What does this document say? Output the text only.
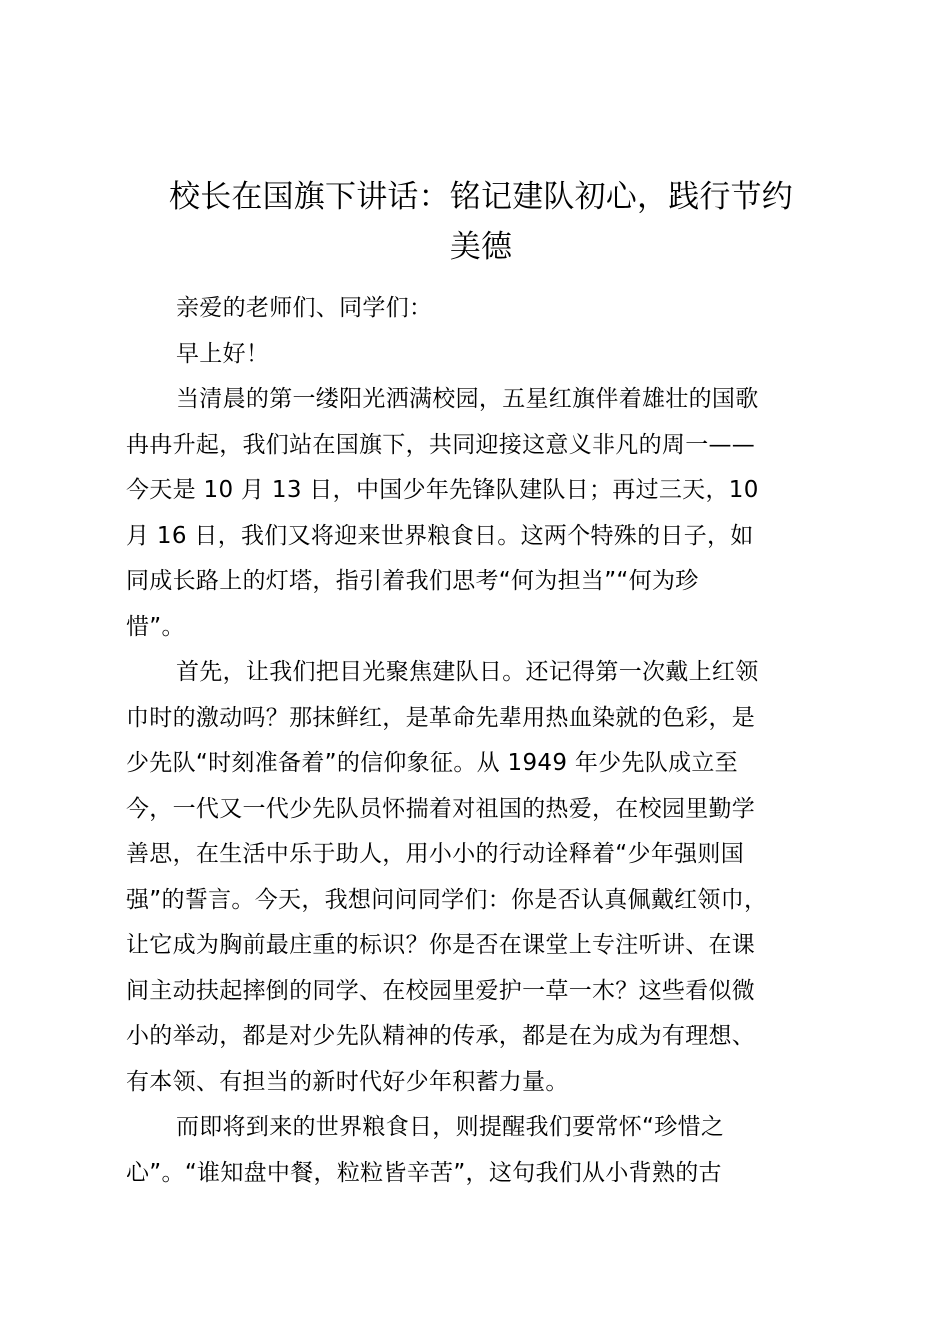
校长在国旗下讲话：铭记建队初心，践行节约
美德

亲爱的老师们、同学们：

早上好！

当清晨的第一缕阳光洒满校园，五星红旗伴着雄壮的国歌
冉冉升起，我们站在国旗下，共同迎接这意义非凡的周一——
今天是 10 月 13 日，中国少年先锋队建队日；再过三天，10
月 16 日，我们又将迎来世界粮食日。这两个特殊的日子，如
同成长路上的灯塔，指引着我们思考“何为担当”“何为珍
惜”。

首先，让我们把目光聚焦建队日。还记得第一次戴上红领
巾时的激动吗？那抹鲜红，是革命先辈用热血染就的色彩，是
少先队“时刻准备着”的信仰象征。从 1949 年少先队成立至
今，一代又一代少先队员怀揣着对祖国的热爱，在校园里勤学
善思，在生活中乐于助人，用小小的行动诠释着“少年强则国
强”的誓言。今天，我想问问同学们：你是否认真佩戴红领巾，
让它成为胸前最庄重的标识？你是否在课堂上专注听讲、在课
间主动扶起摔倒的同学、在校园里爱护一草一木？这些看似微
小的举动，都是对少先队精神的传承，都是在为成为有理想、
有本领、有担当的新时代好少年积蓄力量。

而即将到来的世界粮食日，则提醒我们要常怀“珍惜之
心”。“谁知盘中餐，粒粒皆辛苦”，这句我们从小背熟的古
